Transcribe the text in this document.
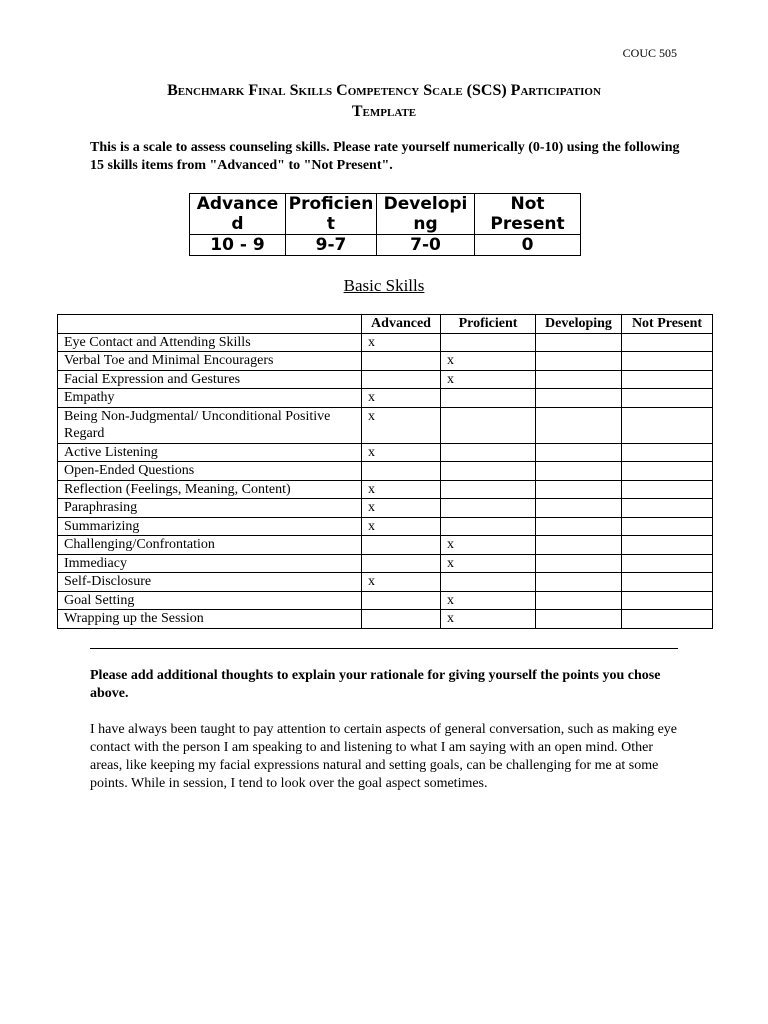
COUC 505
Benchmark Final Skills Competency Scale (SCS) Participation
Template
This is a scale to assess counseling skills. Please rate yourself numerically (0-10) using the following 15 skills items from "Advanced" to "Not Present".
Advanced	Proficient	Developing	Not Present
10 - 9	9-7	7-0	0
Basic Skills
	Advanced	Proficient	Developing	Not Present
Eye Contact and Attending Skills	x			
Verbal Toe and Minimal Encouragers		x		
Facial Expression and Gestures		x		
Empathy	x			
Being Non-Judgmental/ Unconditional Positive Regard	x			
Active Listening	x			
Open-Ended Questions				
Reflection (Feelings, Meaning, Content)	x			
Paraphrasing	x			
Summarizing	x			
Challenging/Confrontation		x		
Immediacy		x		
Self-Disclosure	x			
Goal Setting		x		
Wrapping up the Session		x		
Please add additional thoughts to explain your rationale for giving yourself the points you chose above.
I have always been taught to pay attention to certain aspects of general conversation, such as making eye contact with the person I am speaking to and listening to what I am saying with an open mind. Other areas, like keeping my facial expressions natural and setting goals, can be challenging for me at some points. While in session, I tend to look over the goal aspect sometimes.
